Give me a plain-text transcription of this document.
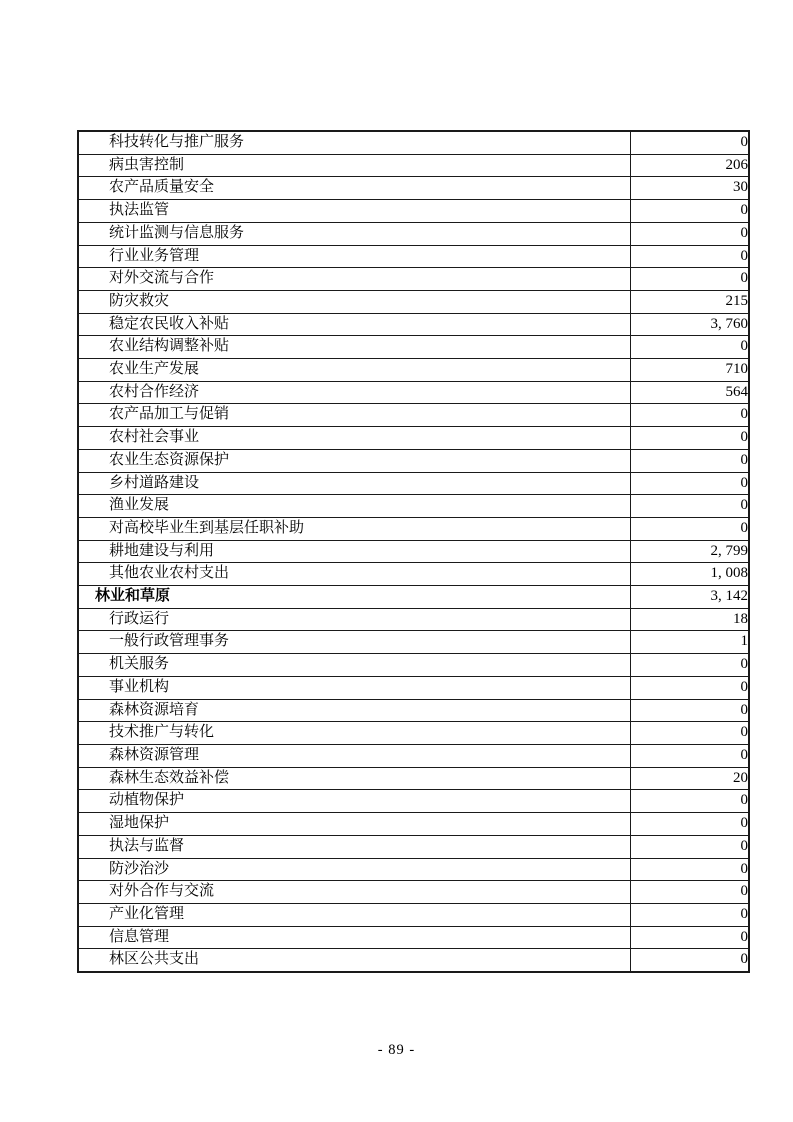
科技转化与推广服务	0
病虫害控制	206
农产品质量安全	30
执法监管	0
统计监测与信息服务	0
行业业务管理	0
对外交流与合作	0
防灾救灾	215
稳定农民收入补贴	3, 760
农业结构调整补贴	0
农业生产发展	710
农村合作经济	564
农产品加工与促销	0
农村社会事业	0
农业生态资源保护	0
乡村道路建设	0
渔业发展	0
对高校毕业生到基层任职补助	0
耕地建设与利用	2, 799
其他农业农村支出	1, 008
林业和草原	3, 142
行政运行	18
一般行政管理事务	1
机关服务	0
事业机构	0
森林资源培育	0
技术推广与转化	0
森林资源管理	0
森林生态效益补偿	20
动植物保护	0
湿地保护	0
执法与监督	0
防沙治沙	0
对外合作与交流	0
产业化管理	0
信息管理	0
林区公共支出	0
- 89 -
